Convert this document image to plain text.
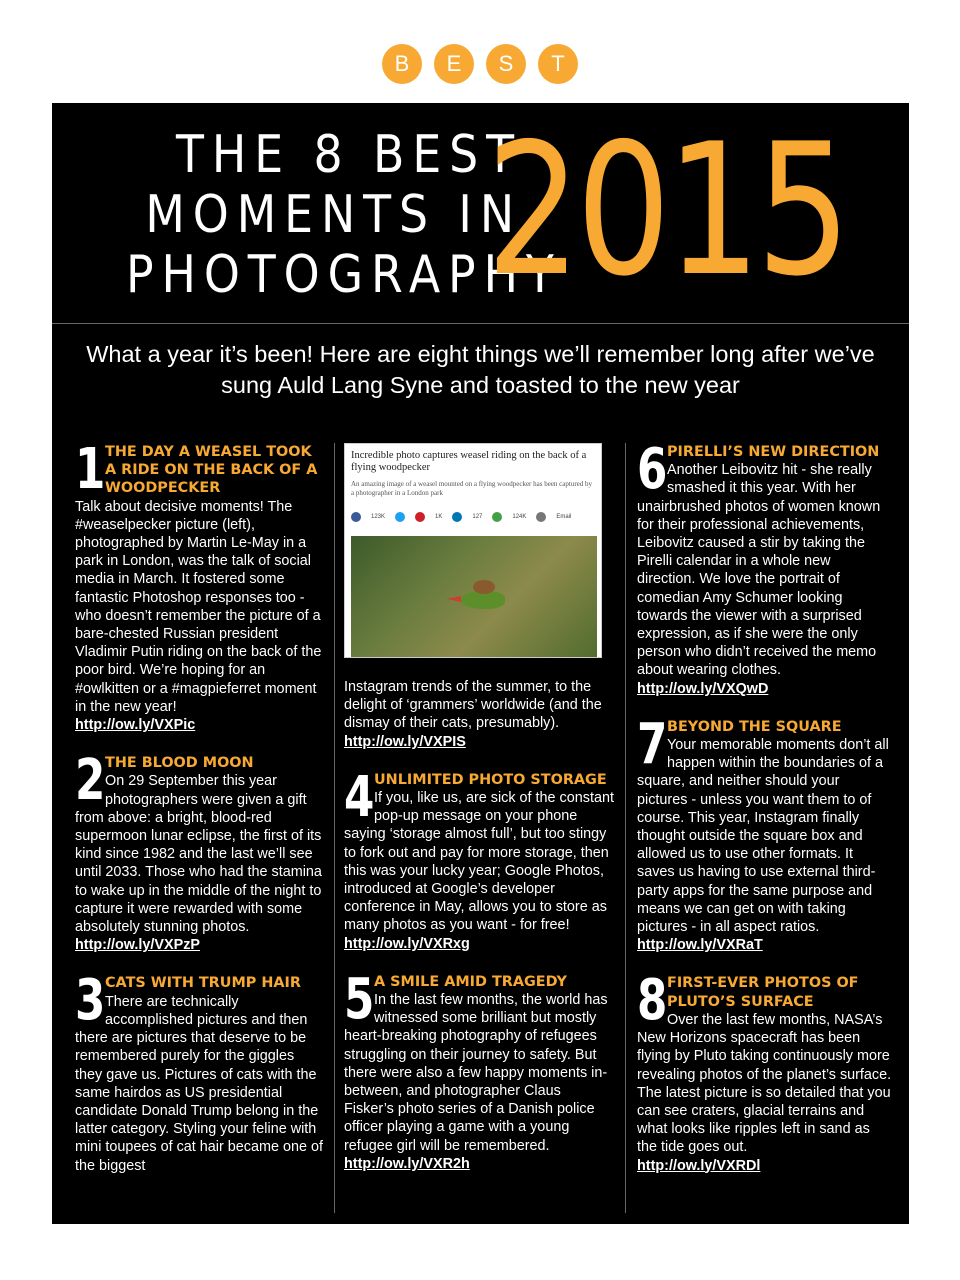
B	E	S	T
THE 8 BEST
MOMENTS IN
PHOTOGRAPHY
2015
What a year it’s been! Here are eight things we’ll remember long after we’ve sung Auld Lang Syne and toasted to the new year
1 THE DAY A WEASEL TOOK A RIDE ON THE BACK OF A WOODPECKER
Talk about decisive moments! The #weaselpecker picture (left), photographed by Martin Le-May in a park in London, was the talk of social media in March. It fostered some fantastic Photoshop responses too - who doesn’t remember the picture of a bare-chested Russian president Vladimir Putin riding on the back of the poor bird. We’re hoping for an #owlkitten or a #magpieferret moment in the new year!
http://ow.ly/VXPic
2 THE BLOOD MOON
On 29 September this year photographers were given a gift from above: a bright, blood-red supermoon lunar eclipse, the first of its kind since 1982 and the last we’ll see until 2033. Those who had the stamina to wake up in the middle of the night to capture it were rewarded with some absolutely stunning photos.
http://ow.ly/VXPzP
3 CATS WITH TRUMP HAIR
There are technically accomplished pictures and then there are pictures that deserve to be remembered purely for the giggles they gave us. Pictures of cats with the same hairdos as US presidential candidate Donald Trump belong in the latter category. Styling your feline with mini toupees of cat hair became one of the biggest
Incredible photo captures weasel riding on the back of a flying woodpecker
An amazing image of a weasel mounted on a flying woodpecker has been captured by a photographer in a London park
123K	1K	127	124K	Email
Instagram trends of the summer, to the delight of ‘grammers’ worldwide (and the dismay of their cats, presumably).
http://ow.ly/VXPIS
4 UNLIMITED PHOTO STORAGE
If you, like us, are sick of the constant pop-up message on your phone saying ‘storage almost full’, but too stingy to fork out and pay for more storage, then this was your lucky year; Google Photos, introduced at Google’s developer conference in May, allows you to store as many photos as you want - for free!
http://ow.ly/VXRxg
5 A SMILE AMID TRAGEDY
In the last few months, the world has witnessed some brilliant but mostly heart-breaking photography of refugees struggling on their journey to safety. But there were also a few happy moments in-between, and photographer Claus Fisker’s photo series of a Danish police officer playing a game with a young refugee girl will be remembered.
http://ow.ly/VXR2h
6 PIRELLI’S NEW DIRECTION
Another Leibovitz hit - she really smashed it this year. With her unairbrushed photos of women known for their professional achievements, Leibovitz caused a stir by taking the Pirelli calendar in a whole new direction. We love the portrait of comedian Amy Schumer looking towards the viewer with a surprised expression, as if she were the only person who didn’t received the memo about wearing clothes.
http://ow.ly/VXQwD
7 BEYOND THE SQUARE
Your memorable moments don’t all happen within the boundaries of a square, and neither should your pictures - unless you want them to of course. This year, Instagram finally thought outside the square box and allowed us to use other formats. It saves us having to use external third-party apps for the same purpose and means we can get on with taking pictures - in all aspect ratios.
http://ow.ly/VXRaT
8 FIRST-EVER PHOTOS OF PLUTO’S SURFACE
Over the last few months, NASA’s New Horizons spacecraft has been flying by Pluto taking continuously more revealing photos of the planet’s surface. The latest picture is so detailed that you can see craters, glacial terrains and what looks like ripples left in sand as the tide goes out.
http://ow.ly/VXRDl
